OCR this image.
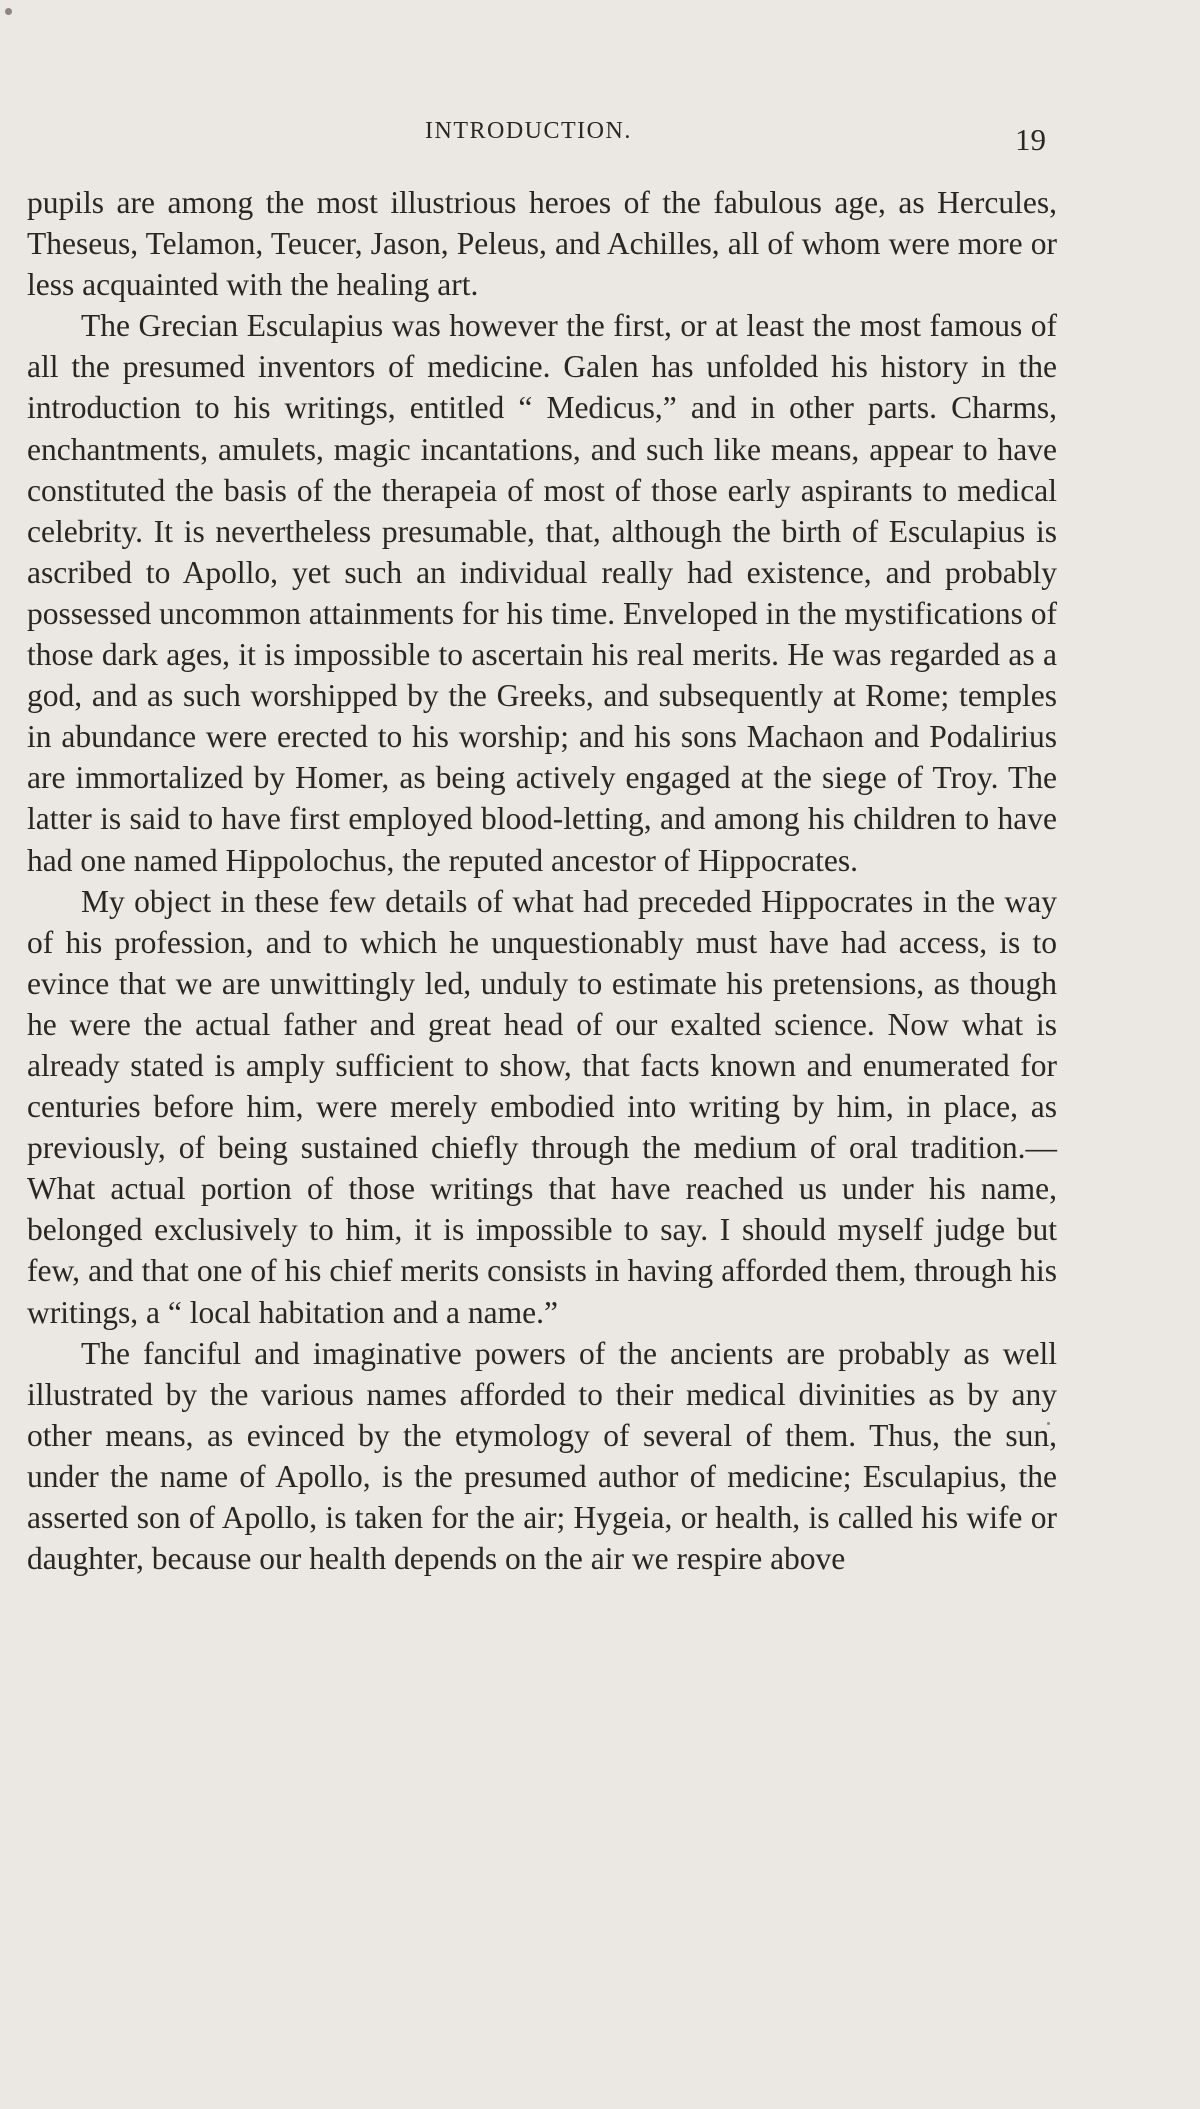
INTRODUCTION.	19

pupils are among the most illustrious heroes of the fabulous age, as Hercules, Theseus, Telamon, Teucer, Jason, Peleus, and Achilles, all of whom were more or less acquainted with the healing art.

The Grecian Esculapius was however the first, or at least the most famous of all the presumed inventors of medicine. Galen has unfolded his history in the introduction to his writings, entitled “ Medicus,” and in other parts. Charms, enchantments, amulets, magic incantations, and such like means, appear to have constituted the basis of the therapeia of most of those early aspirants to medical celebrity. It is nevertheless presumable, that, although the birth of Esculapius is ascribed to Apollo, yet such an individual really had existence, and probably possessed uncommon attainments for his time. Enveloped in the mystifications of those dark ages, it is impossible to ascertain his real merits. He was regarded as a god, and as such worshipped by the Greeks, and subsequently at Rome; temples in abundance were erected to his worship; and his sons Machaon and Podalirius are immortalized by Homer, as being actively engaged at the siege of Troy. The latter is said to have first employed blood-letting, and among his children to have had one named Hippolochus, the reputed ancestor of Hippocrates.

My object in these few details of what had preceded Hippocrates in the way of his profession, and to which he unquestionably must have had access, is to evince that we are unwittingly led, unduly to estimate his pretensions, as though he were the actual father and great head of our exalted science. Now what is already stated is amply sufficient to show, that facts known and enumerated for centuries before him, were merely embodied into writing by him, in place, as previously, of being sustained chiefly through the medium of oral tradition.—What actual portion of those writings that have reached us under his name, belonged exclusively to him, it is impossible to say. I should myself judge but few, and that one of his chief merits consists in having afforded them, through his writings, a “ local habitation and a name.”

The fanciful and imaginative powers of the ancients are probably as well illustrated by the various names afforded to their medical divinities as by any other means, as evinced by the etymology of several of them. Thus, the sun, under the name of Apollo, is the presumed author of medicine; Esculapius, the asserted son of Apollo, is taken for the air; Hygeia, or health, is called his wife or daughter, because our health depends on the air we respire above
